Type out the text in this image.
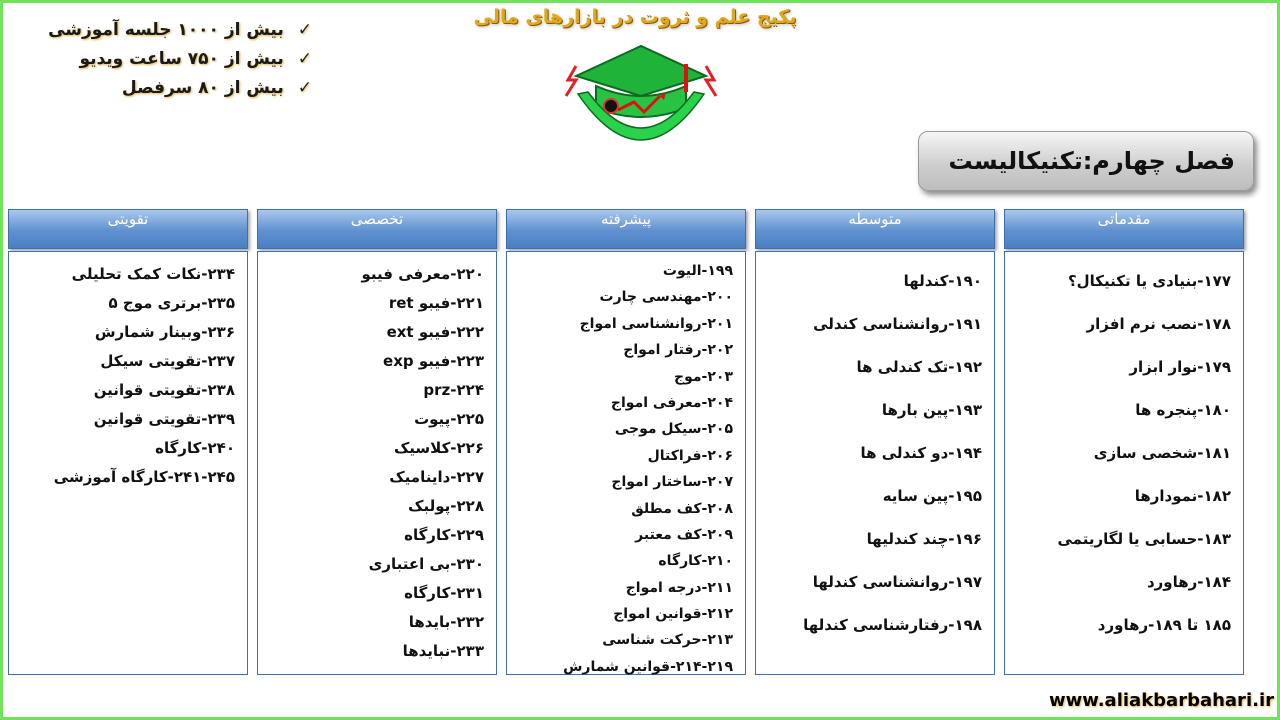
پکیج علم و ثروت در بازارهای مالی
✓بیش از ۱۰۰۰ جلسه آموزشی
✓بیش از ۷۵۰ ساعت ویدیو
✓بیش از ۸۰ سرفصل
فصل چهارم:تکنیکالیست
مقدماتی
۱۷۷-بنیادی یا تکنیکال؟
۱۷۸-نصب نرم افزار
۱۷۹-نوار ابزار
۱۸۰-پنجره ها
۱۸۱-شخصی سازی
۱۸۲-نمودارها
۱۸۳-حسابی یا لگاریتمی
۱۸۴-رهاورد
۱۸۵ تا ۱۸۹-رهاورد
متوسطه
۱۹۰-کندلها
۱۹۱-روانشناسی کندلی
۱۹۲-تک کندلی ها
۱۹۳-پین بارها
۱۹۴-دو کندلی ها
۱۹۵-پین سایه
۱۹۶-چند کندلیها
۱۹۷-روانشناسی کندلها
۱۹۸-رفتارشناسی کندلها
پیشرفته
۱۹۹-الیوت
۲۰۰-مهندسی چارت
۲۰۱-روانشناسی امواج
۲۰۲-رفتار امواج
۲۰۳-موج
۲۰۴-معرفی امواج
۲۰۵-سیکل موجی
۲۰۶-فراکتال
۲۰۷-ساختار امواج
۲۰۸-کف مطلق
۲۰۹-کف معتبر
۲۱۰-کارگاه
۲۱۱-درجه امواج
۲۱۲-قوانین امواج
۲۱۳-حرکت شناسی
۲۱۴-۲۱۹-قوانین شمارش
تخصصی
۲۲۰-معرفی فیبو
۲۲۱-فیبو ret
۲۲۲-فیبو ext
۲۲۳-فیبو exp
۲۲۴-prz
۲۲۵-پیوت
۲۲۶-کلاسیک
۲۲۷-داینامیک
۲۲۸-پولبک
۲۲۹-کارگاه
۲۳۰-بی اعتباری
۲۳۱-کارگاه
۲۳۲-بایدها
۲۳۳-نبایدها
تقویتی
۲۳۴-نکات کمک تحلیلی
۲۳۵-برتری موج ۵
۲۳۶-وبینار شمارش
۲۳۷-تقویتی سیکل
۲۳۸-تقویتی قوانین
۲۳۹-تقویتی قوانین
۲۴۰-کارگاه
۲۴۱-۲۴۵-کارگاه آموزشی
www.aliakbarbahari.ir
